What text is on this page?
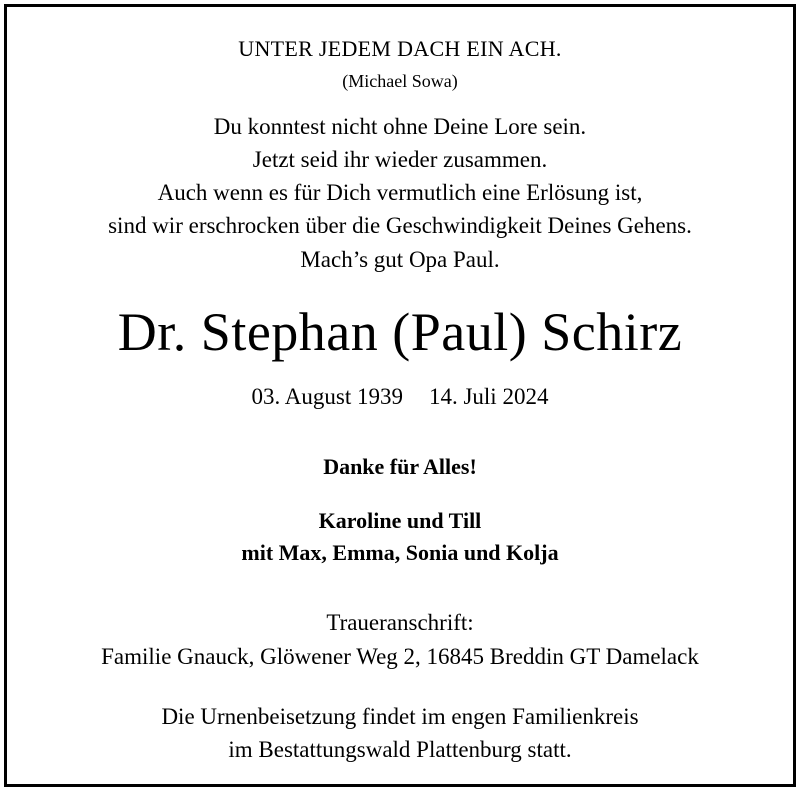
UNTER JEDEM DACH EIN ACH.
(Michael Sowa)
Du konntest nicht ohne Deine Lore sein.
Jetzt seid ihr wieder zusammen.
Auch wenn es für Dich vermutlich eine Erlösung ist,
sind wir erschrocken über die Geschwindigkeit Deines Gehens.
Mach’s gut Opa Paul.
Dr. Stephan (Paul) Schirz
03. August 1939 14. Juli 2024
Danke für Alles!
Karoline und Till
mit Max, Emma, Sonia und Kolja
Traueranschrift:
Familie Gnauck, Glöwener Weg 2, 16845 Breddin GT Damelack
Die Urnenbeisetzung findet im engen Familienkreis
im Bestattungswald Plattenburg statt.
